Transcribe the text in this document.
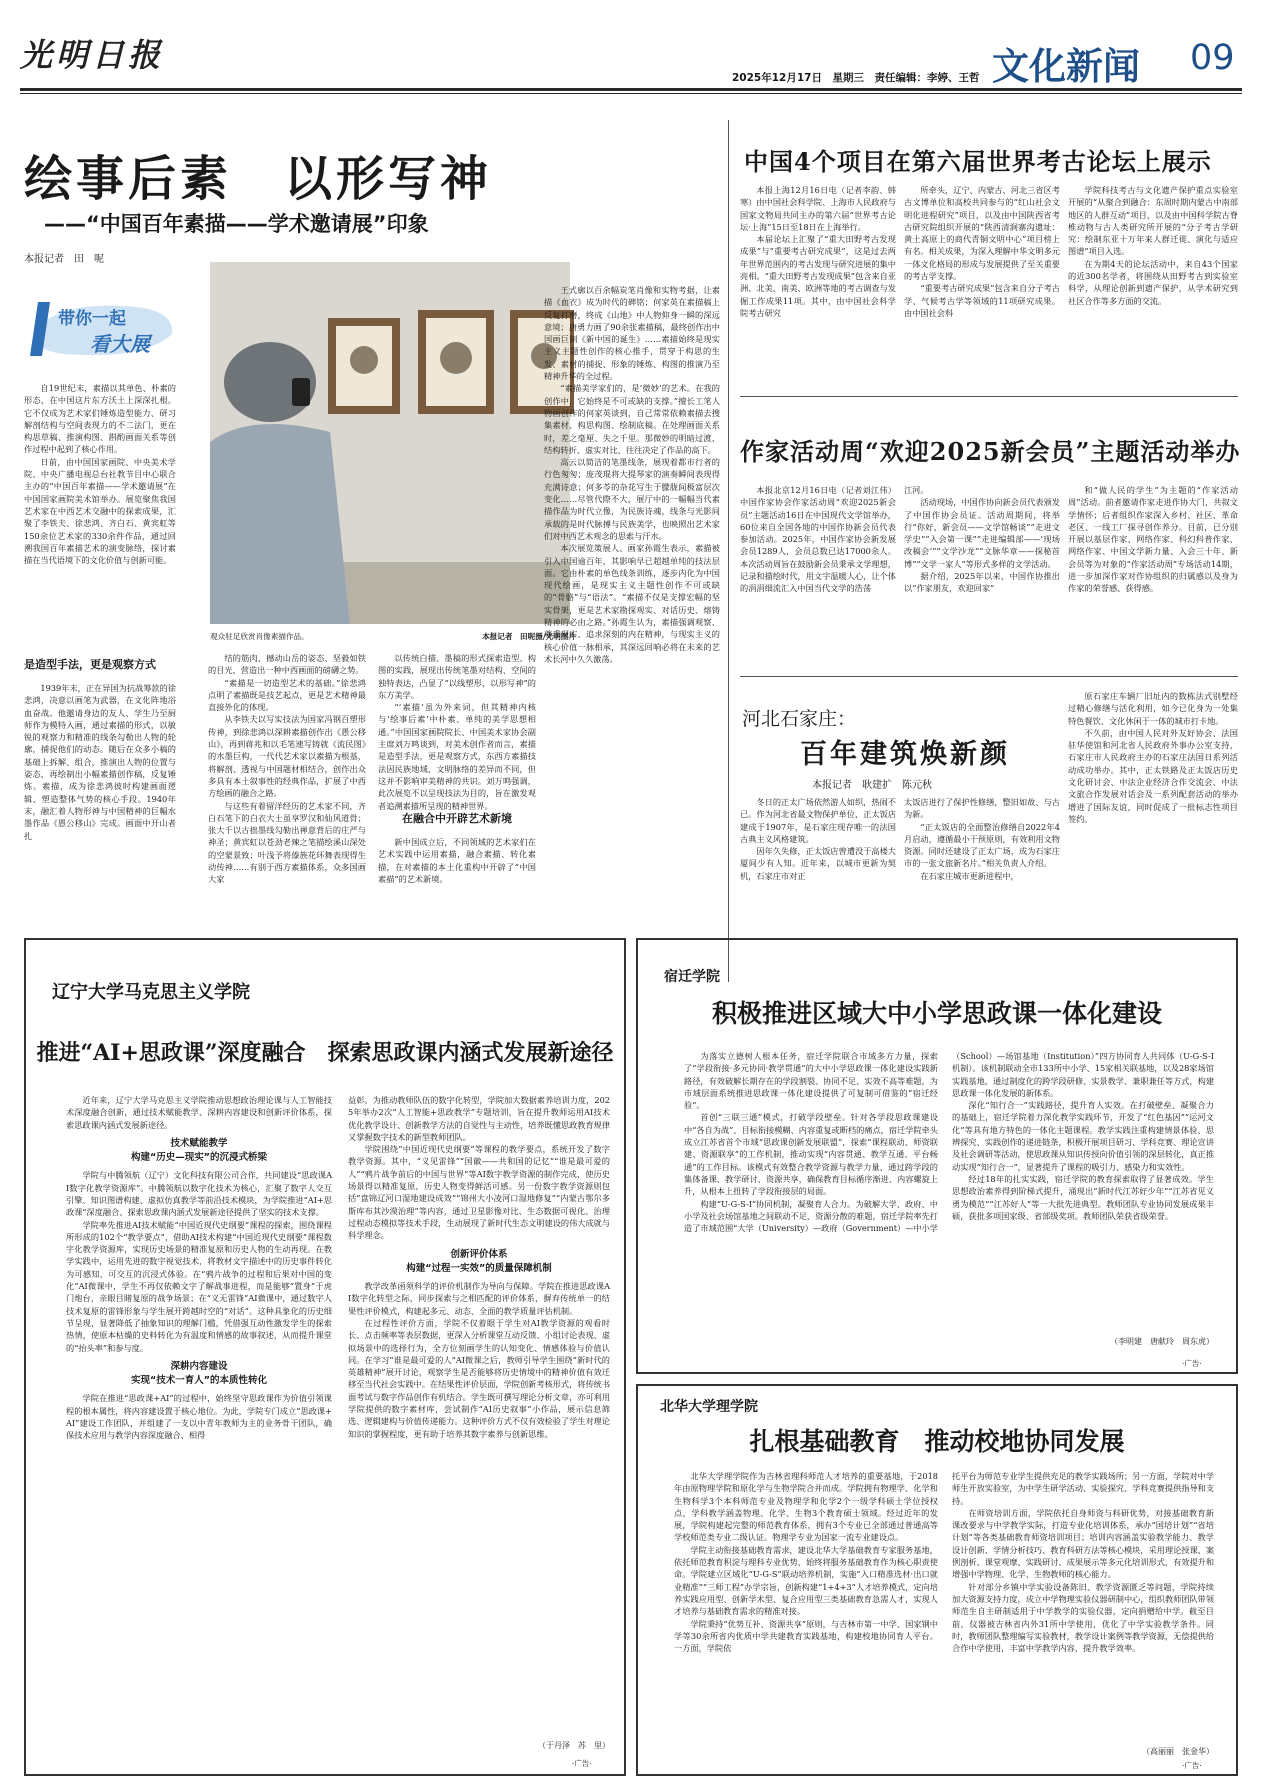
光明日报
2025年12月17日　星期三　责任编辑：李婷、王哲 文化新闻 09
绘事后素　以形写神
——“中国百年素描——学术邀请展”印象
本报记者　田　呢
带你一起
看大展
观众驻足欣赏肖像素描作品。	本报记者　田呢摄/光明图片

自19世纪末，素描以其单色、朴素的形态，在中国这片东方沃土上深深扎根。它不仅成为艺术家们锤炼造型能力、研习解剖结构与空间表现力的不二法门，更在构思草稿、推演构图、斟酌画面关系等创作过程中起到了核心作用。

日前，由中国国家画院、中央美术学院、中央广播电视总台社教节目中心联合主办的“中国百年素描——学术邀请展”在中国国家画院美术馆举办。展览聚焦我国艺术家在中西艺术交融中的探索成果，汇聚了李铁夫、徐悲鸿、齐白石、黄宾虹等150余位艺术家的330余件作品，通过回溯我国百年素描艺术的演变脉络，探讨素描在当代语境下的文化价值与创新可能。

是造型手法，更是观察方式

1939年末，正在异国为抗战筹款的徐悲鸿，决意以画笔为武器，在文化阵地浴血奋战。他邀请身边的友人、学生乃至厨师作为模特入画，通过素描的形式，以敏锐的观察力和精准的线条勾勒出人物的轮廓，捕捉他们的动态。随后在众多小稿的基础上拆解、组合，推演出人物的位置与姿态，再绘制出小幅素描创作稿，反复锤炼。素描，成为徐悲鸿彼时构建画面逻辑、塑造整体气势的核心手段。1940年末，融汇着人物形神与中国精神的巨幅水墨作品《愚公移山》完成。画面中开山者扎

结的筋肉、撼动山岳的姿态、坚毅如铁的目光，营造出一种中西画面的磅礴之势。

“素描是一切造型艺术的基础。”徐悲鸿点明了素描既是技艺起点，更是艺术精神最直接外化的体现。

从李铁夫以写实技法为国家冯钢百塑形传神，到徐悲鸿以深耕素描创作出《愚公移山》，再到蒋兆和以毛笔速写铸就《流民图》的水墨巨构，一代代艺术家以素描为根基，将解剖、透视与中国题材相结合，创作出众多具有本土叙事性的经典作品，扩展了中西方绘画的融合之路。

与这些有着留洋经历的艺术家不同，齐白石笔下的白衣大士虽享罗汉和仙风道骨；张大千以古拙墨线勾勒出禅意背后的庄严与神圣；黄宾虹以苍劲老辣之笔描绘溪山深处的空蒙景致；叶浅予将傣族花环舞表现得生动传神……有别于西方素描体系，众多国画大家

以传统白描、墨稿的形式探索造型、构图的实践，展现出传统笔墨对结构、空间的独特表达，凸显了“以线塑形，以形写神”的东方美学。

“‘素描’虽为外来词，但其精神内核与‘绘事后素’中朴素、单纯的美学思想相通。”中国国家画院院长、中国美术家协会副主席刘万鸣谈到，对美术创作者而言，素描是造型手法，更是观察方式，东西方素描技法因民族地域、文明脉络的差异而不同，但这并不影响审美精神的共识。刘万鸣强调，此次展览不以呈现技法为目的，旨在激发观者追溯素描所呈现的精神世界。

在融合中开辟艺术新境

新中国成立后，不同领域的艺术家们在艺术实践中运用素描，融合素描、转化素描，在对素描的本土化重构中开辟了“中国素描”的艺术新境。

王式廓以百余幅炭笔肖像和实物考据，让素描《血衣》成为时代的碑铭；何家英在素描稿上反复打磨，终成《山地》中人物仰身一瞬的深远意境；唐勇力画了90余张素描稿，最终创作出中国画巨制《新中国的诞生》……素描始终是现实主义主题性创作的核心推手，贯穿于构思的生发、素材的捕捉、形象的锤炼、构图的推演乃至精神升华的全过程。

“素描美学家们的，是‘微妙’的艺术。在我的创作中，它始终是不可或缺的支撑。”擅长工笔人物画创作的何家英谈到，自己常常依赖素描去搜集素材、构思构图、绘制底稿。在处理画面关系时，差之毫厘、失之千里。那微妙的明暗过渡、结构转折、虚实对比，往往决定了作品的高下。

高云以简洁的笔墨线条，展现着都市行者的行色匆匆；庞茂琨将大提琴家的演奏瞬间表现得充满诗意；何多苓的杂花写生于朦胧间极富层次变化……尽管代際不大，展厅中的一幅幅当代素描作品为时代立像，为民族诗魂，线条与光影间承载的是时代脉搏与民族美学，也映照出艺术家们对中西艺术观念的思索与汗水。

本次展览策展人、画家孙霞生表示，素描被引入中国逾百年，其影响早已超越单纯的技法层面。它由朴素的单色线条训练，逐步内化为中国现代绘画，是现实主义主题性创作不可或缺的“骨骼”与“语法”。“素描不仅是支撑宏幅的坚实骨架，更是艺术家勘探观实、对话历史、熔铸精神的必由之路。”孙霞生认为，素描强调观察、尊重现实、追求深刻的内在精神，与现实主义的核心价值一脉相承，其深远回响必将在未来的艺术长河中久久激荡。

中国4个项目在第六届世界考古论坛上展示

本报上海12月16日电（记者李韵、韩寒）由中国社会科学院、上海市人民政府与国家文物局共同主办的第六届“世界考古论坛·上海”15日至18日在上海举行。

本届论坛上汇聚了“重大田野考古发现成果”与“重要考古研究成果”，这是过去两年世界范围内的考古发现与研究进展的集中亮相。“重大田野考古发现成果”包含来自亚洲、北美、南美、欧洲等地的考古调查与发掘工作成果11项。其中，由中国社会科学院考古研究

所牵头，辽宁、内蒙古、河北三省区考古文博单位和高校共同参与的“红山社会文明化进程研究”项目，以及由中国陕西省考古研究院组织开展的“陕西清涧寨沟遗址：黄土高原上的商代青铜文明中心”项目榜上有名。相关成果，为深入理解中华文明多元一体文化格局的形成与发展提供了至关重要的考古学支撑。

“重要考古研究成果”包含来自分子考古学、气候考古学等领域的11项研究成果。由中国社会科

学院科技考古与文化遗产保护重点实验室开展的“从聚合到融合：东周时期内蒙古中南部地区的人群互动”项目，以及由中国科学院古脊椎动物与古人类研究所开展的“分子考古学研究：绘制东亚十万年来人群迁徙、演化与适应图谱”项目入选。

在为期4天的论坛活动中，来自43个国家的近300名学者，将围绕从田野考古到实验室科学，从理论创新到遗产保护，从学术研究到社区合作等多方面的交流。

作家活动周“欢迎2025新会员”主题活动举办

本报北京12月16日电（记者刘江伟）中国作家协会作家活动周“欢迎2025新会员”主题活动16日在中国现代文学馆举办，60位来自全国各地的中国作协新会员代表参加活动。2025年，中国作家协会新发展会员1289人，会员总数已达17000余人。本次活动周旨在鼓励新会员秉承文学理想，记录和描绘时代，用文字温暖人心，让个体的涓涓细流汇入中国当代文学的浩荡

江河。

活动现场，中国作协向新会员代表颁发了中国作协会员证。活动周期间，将举行“你好，新会员——文学馆畅谈”“走进文学史”“入会第一课”“走进编辑部——‘现场改稿会’”“文学沙龙”“文脉华章——探秘首博”“文学一家人”等形式多样的文学活动。

据介绍，2025年以来，中国作协推出以“作家朋友，欢迎回家”

和“做人民的学生”为主题的“作家活动周”活动。前者邀请作家走进作协大门，共叙文学情怀；后者组织作家深入乡村、社区、革命老区、一线工厂探寻创作养分。目前，已分别开展以基层作家、网络作家、科幻科普作家、网络作家、中国文学新力量、入会三十年、新会员等为对象的“作家活动周”专场活动14期，进一步加深作家对作协组织的归属感以及身为作家的荣誉感、获得感。

河北石家庄：
百年建筑焕新颜
本报记者　耿建扩　陈元秋

冬日的正太广场依然游人如织，热闹不已。作为河北省最文物保护单位，正太饭店建成于1907年，是石家庄现存唯一的法国古典主义风格建筑。

因年久失修，正太饭店曾遭没于高楼大厦间少有人知。近年来，以城市更新为契机，石家庄市对正

太饭店进行了保护性修缮，整旧如故、与古为新。

“正太饭店的全面整治修缮自2022年4月启动，遵循最小干预原则，有效利用文物资源。同时还建设了正太广场，成为石家庄市的一张文旅新名片。”相关负责人介绍。

在石家庄城市更新进程中，

原石家庄车辆厂旧址内的数栋法式别墅经过精心修缮与活化利用，如今已化身为一处集特色餐饮、文化休闲于一体的城市打卡地。

不久前，由中国人民对外友好协会、法国驻华使馆和河北省人民政府外事办公室支持，石家庄市人民政府主办的石家庄法国日系列活动成功举办。其中，正太铁路及正太饭店历史文化研讨会、中法企业经济合作交流会、中法文旅合作发展对话会及一系列配套活动的举办增进了国际友谊，同时促成了一批标志性项目签约。

辽宁大学马克思主义学院
推进“AI+思政课”深度融合　探索思政课内涵式发展新途径

近年来，辽宁大学马克思主义学院推动思想政治理论课与人工智能技术深度融合创新，通过技术赋能教学、深耕内容建设和创新评价体系，探索思政课内涵式发展新途径。

技术赋能教学
构建“历史—现实”的沉浸式桥梁

学院与中腾领航（辽宁）文化科技有限公司合作，共同建设“思政课AI数字化教学资源库”。中腾领航以数字化技术为核心，汇聚了数字人交互引擎、知识图谱构建、虚拟仿真教学等前沿技术模块，为学院推进“AI+思政课”深度融合、探索思政课内涵式发展新途径提供了坚实的技术支撑。

学院率先推进AI技术赋能“中国近现代史纲要”课程的探索，围绕课程所形成的102个“教学要点”，借助AI技术构建“中国近现代史纲要”课程数字化教学资源库，实现历史场景的精准复原和历史人物的生动再现。在教学实践中，运用先进的数字视觉技术，将教材文字描述中的历史事件转化为可感知、可交互的沉浸式体验。在“鸦片战争的过程和后果对中国的变化”AI微课中，学生不再仅依赖文字了解战事进程，而是能够“置身”于虎门炮台，亲眼目睹复原的战争场景；在“义无雷锋”AI微课中，通过数字人技术复原的雷锋形象与学生展开跨越时空的“对话”。这种具象化的历史细节呈现，显著降低了抽象知识的理解门槛，凭借强互动性激发学生的探索热情，使原本枯燥的史料转化为有温度和情感的故事叙述，从而提升课堂的“抬头率”和参与度。

深耕内容建设
实现“技术一育人”的本质性转化

学院在推进“思政课+AI”的过程中，始终坚守思政课作为价值引领课程的根本属性，将内容建设置于核心地位。为此，学院专门成立“思政课+AI”建设工作团队，并组建了一支以中青年教师为主的业务骨干团队，确保技术应用与教学内容深度融合、相得

益彰。为推动教师队伍的数字化转型，学院加大数据素养培训力度，2025年举办2次“人工智能+思政教学”专题培训，旨在提升教师运用AI技术优化教学设计、创新教学方法的自觉性与主动性，培养既懂思政教育规律又掌握数字技术的新型教师团队。

学院围绕“中国近现代史纲要”等课程的教学要点，系统开发了数字教学资源。其中，“义见雷锋”“国徽——共和国的记忆”“谁是最可爱的人”“鸦片战争前后的中国与世界”等AI数字教学资源的制作完成，使历史场景得以精准复原，历史人物变得鲜活可感。另一份数字教学资源则包括“盘锦辽河口湿地建设成效”“锦州大小凌河口湿地修复”“内蒙古鄂尔多斯库布其沙漠治理”等内容，通过卫星影像对比、生态数据可视化、治理过程动态模拟等技术手段，生动展现了新时代生态文明建设的伟大成就与科学理念。

创新评价体系
构建“过程一实效”的质量保障机制

教学改革函须科学的评价机制作为导向与保障。学院在推进思政课AI数字化转型之际，同步探索与之相匹配的评价体系，摒弃传统单一的结果性评价模式，构建起多元、动态、全面的教学质量评估机制。

在过程性评价方面，学院不仅着眼于学生对AI教学资源的观看时长、点击频率等表层数据，更深入分析课堂互动反馈、小组讨论表现、虚拟场景中的选择行为，全方位刻画学生的认知变化、情感体验与价值认同。在学习“谁是最可爱的人”AI微课之后，教师引导学生围绕“新时代的英雄精神”展开讨论，观察学生是否能够将历史情境中的精神价值有效迁移至当代社会实践中。在结果性评价层面，学院创新考核形式，将传统书面考试与数字作品创作有机结合。学生既可撰写理论分析文章，亦可利用学院提供的数字素材库，尝试制作“AI历史叙事”小作品，展示信息筛选、逻辑建构与价值传递能力。这种评价方式不仅有效检验了学生对理论知识的掌握程度，更有助于培养其数字素养与创新思维。

（于丹泽　苏　里）
·广告·
宿迁学院
积极推进区域大中小学思政课一体化建设

为落实立德树人根本任务，宿迁学院联合市域多方力量，探索了“学段衔接·多元协同·教学贯通”的大中小学思政课一体化建设实践新路径，有效破解长期存在的学段割裂、协同不足、实效不高等难题，为市域层面系统推进思政课一体化建设提供了可复制可借鉴的“宿迁经验”。

首创“三联三通”模式，打破学段壁垒。针对各学段思政课建设中“各自为战”、目标衔接模糊、内容重复或断档的痛点，宿迁学院牵头成立江苏省首个市域“思政课创新发展联盟”，探索“课程联动、师资联建、资源联享”的工作机制，推动实现“内容贯通、教学互通、平台畅通”的工作目标。该模式有效整合教学资源与教学力量，通过跨学段的集体备课、教学研讨、资源共享，确保教育目标循序渐进、内容螺旋上升，从根本上扭转了学段衔接层的局面。

构建“U-G-S-I”协同机制，凝聚育人合力。为破解大学、政府、中小学及社会场馆基地之间联动不足、资源分散的难题，宿迁学院率先打造了市域范围“大学（University）—政府（Government）—中小学

（School）—场馆基地（Institution）”四方协同育人共同体（U-G-S-I机制）。该机制联动全市133所中小学、15家相关联基地，以及28家场馆实践基地，通过制度化的跨学段研修、实景教学、兼职兼任等方式，构建思政课一体化发展的新体系。

深化“知行合一”实践路径，提升育人实效。在打破壁垒、凝聚合力的基础上，宿迁学院着力深化教学实践环节，开发了“红色基因”“运河文化”等具有地方特色的一体化主题课程。教学实践注重构建情景体验、思辨探究、实践创作的递进链条，积极开展项目研习、学科竞赛、理论宣讲及社会调研等活动，使思政课从知识传授向价值引领的深层转化，真正推动实现“知行合一”，显著提升了课程的吸引力、感染力和实效性。

经过18年的扎实实践，宿迁学院的教育探索取得了显著成效。学生思想政治素养得到阶梯式提升，涌现出“新时代江苏好少年”“江苏省见义勇为模范”“江苏好人”等一大批先进典型。教师团队专业协同发展成果丰硕，获批多项国家级、省部级奖项。教师团队荣获省级荣誉。

（李明建　唐献玲　周东虎）
·广告·
北华大学理学院
扎根基础教育　推动校地协同发展

北华大学理学院作为吉林省理科师范人才培养的重要基地，于2018年由原物理学院和原化学与生物学院合并而成。学院拥有物理学、化学和生物科学3个本科师范专业及物理学和化学2个一级学科硕士学位授权点，学科教学涵盖物理、化学、生物3个教育硕士领域。经过近年的发展，学院构建起完整的师范教育体系，拥有3个专业已全部通过普通高等学校师范类专业二级认证。物理学专业为国家一流专业建设点。

学院主动衔接基础教育需求，建设北华大学基础教育专家服务基地，依托师范教育积淀与理科专业优势，始终将服务基础教育作为核心职责使命。学院建立区域化“U-G-S”联动培养机制，实施“入口精准选材·出口就业精准”“三师工程”办学宗旨，创新构建“1+4+3”人才培养模式，定向培养实践应用型、创新学术型、复合应用型三类基础教育急需人才，实现人才培养与基础教育需求的精准对接。

学院秉持“优势互补、资源共享”原则，与吉林市第一中学、国家钢中学等30余所省内优质中学共建教育实践基地，构建校地协同育人平台。一方面，学院依

托平台为师范专业学生提供充足的教学实践场所；另一方面，学院对中学师生开放实验室，为中学生研学活动、实验探究、学科竞赛提供指导和支持。

在师资培训方面，学院依托自身师资与科研优势，对接基础教育新课改要求与中学教学实际，打造专业化培训体系，承办“国培计划”“省培计划”等各类基础教育师资培训项目；培训内容涵盖实验教学能力、教学设计创新、学情分析技巧、教育科研方法等核心模块，采用理论授课、案例剖析、课堂观摩、实践研讨、成果展示等多元化培训形式，有效提升和增强中学物理、化学、生物教师的核心能力。

针对部分乡镇中学实验设备陈旧、教学资源匮乏等问题，学院持续加大资源支持力度，成立中学物理实验仪器研制中心，组织教师团队带领师范生自主研制适用于中学教学的实验仪器，定向捐赠给中学。截至目前，仪器被吉林省内外31所中学使用，优化了中学实验教学条件。同时，教师团队整理编写实验教材，教学设计案例等教学资源，无偿提供给合作中学使用，丰富中学教学内容，提升教学效率。

（高丽丽　张金华）
·广告·
